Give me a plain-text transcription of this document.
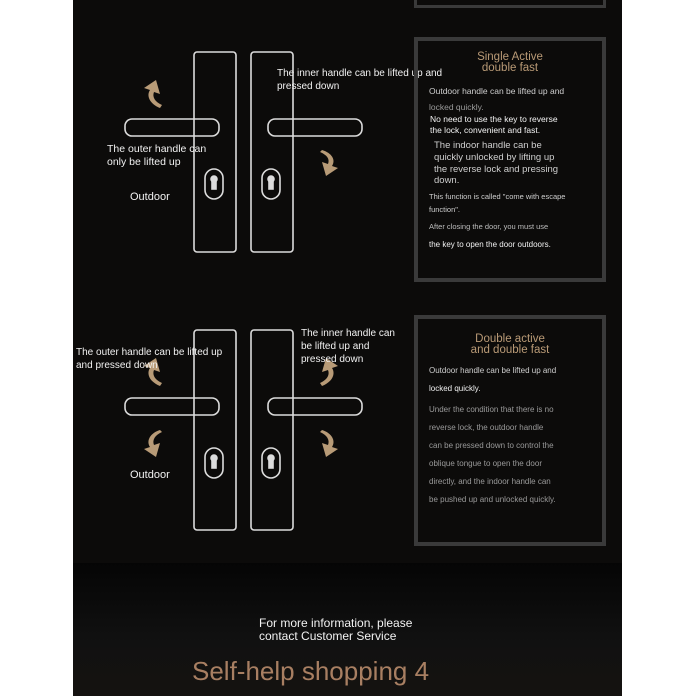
The inner handle can be lifted up and pressed down
The outer handle can only be lifted up
Outdoor
Single Active
double fast
Outdoor handle can be lifted up and
locked quickly.
No need to use the key to reverse
the lock, convenient and fast.
The indoor handle can be
quickly unlocked by lifting up
the reverse lock and pressing
down.
This function is called "come with escape
function".
After closing the door, you must use
the key to open the door outdoors.
The inner handle can be lifted up and pressed down
The outer handle can be lifted up and pressed down
Outdoor
Double active
and double fast
Outdoor handle can be lifted up and
locked quickly.
Under the condition that there is no
reverse lock, the outdoor handle
can be pressed down to control the
oblique tongue to open the door
directly, and the indoor handle can
be pushed up and unlocked quickly.
For more information, please
contact Customer Service
Self-help shopping 4
